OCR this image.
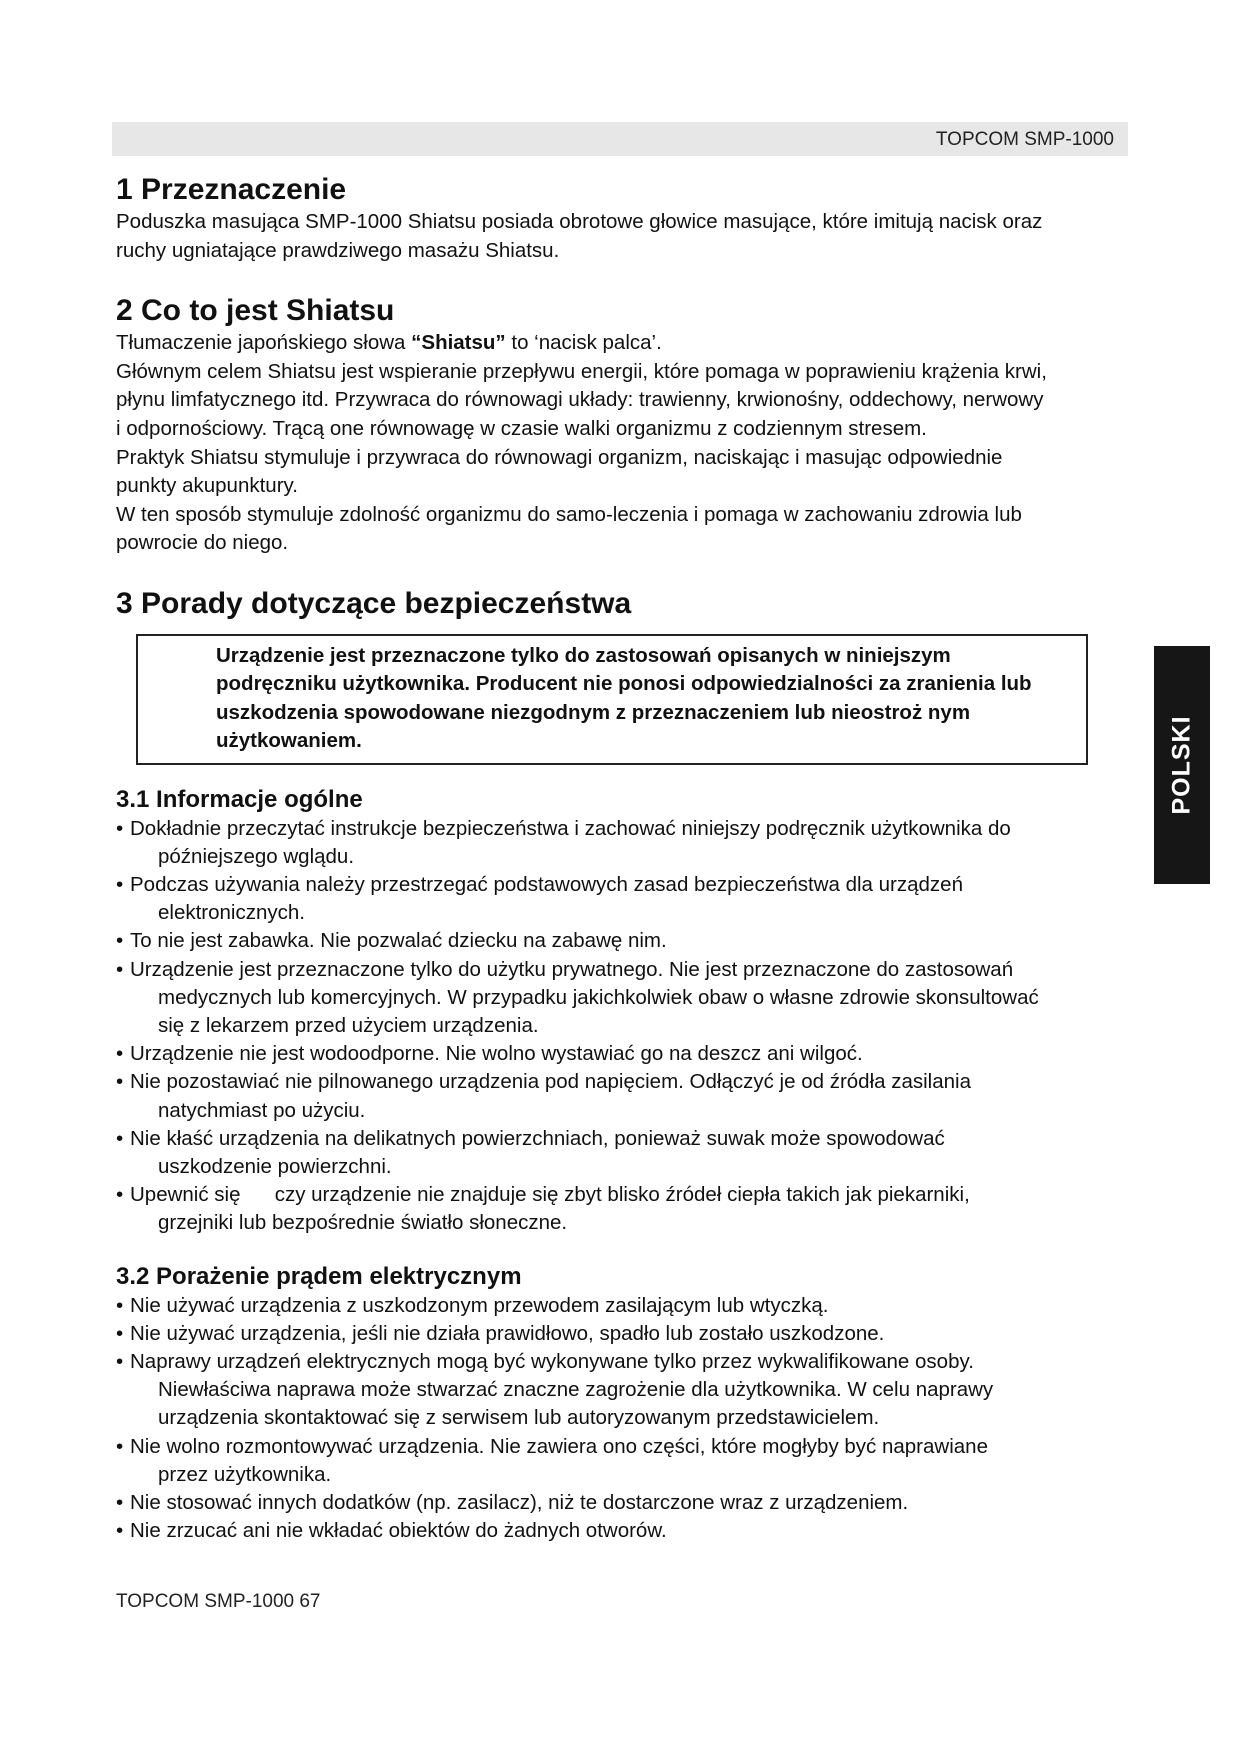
TOPCOM SMP-1000
1 Przeznaczenie

Poduszka masująca SMP-1000 Shiatsu posiada obrotowe głowice masujące, które imitują nacisk oraz

ruchy ugniatające prawdziwego masażu Shiatsu.

2 Co to jest Shiatsu

Tłumaczenie japońskiego słowa “Shiatsu” to ‘nacisk palca’.

Głównym celem Shiatsu jest wspieranie przepływu energii, które pomaga w poprawieniu krążenia krwi,

płynu limfatycznego itd. Przywraca do równowagi układy: trawienny, krwionośny, oddechowy, nerwowy

i odpornościowy. Trącą one równowagę w czasie walki organizmu z codziennym stresem.

Praktyk Shiatsu stymuluje i przywraca do równowagi organizm, naciskając i masując odpowiednie

punkty akupunktury.

W ten sposób stymuluje zdolność organizmu do samo-leczenia i pomaga w zachowaniu zdrowia lub

powrocie do niego.

3 Porady dotyczące bezpieczeństwa

Urządzenie jest przeznaczone tylko do zastosowań opisanych w niniejszym

podręczniku użytkownika. Producent nie ponosi odpowiedzialności za zranienia lub

uszkodzenia spowodowane niezgodnym z przeznaczeniem lub nieostroż nym

użytkowaniem.

3.1 Informacje ogólne
• Dokładnie przeczytać instrukcje bezpieczeństwa i zachować niniejszy podręcznik użytkownika do
późniejszego wglądu.
• Podczas używania należy przestrzegać podstawowych zasad bezpieczeństwa dla urządzeń
elektronicznych.
• To nie jest zabawka. Nie pozwalać dziecku na zabawę nim.
• Urządzenie jest przeznaczone tylko do użytku prywatnego. Nie jest przeznaczone do zastosowań
medycznych lub komercyjnych. W przypadku jakichkolwiek obaw o własne zdrowie skonsultować
się z lekarzem przed użyciem urządzenia.
• Urządzenie nie jest wodoodporne. Nie wolno wystawiać go na deszcz ani wilgoć.
• Nie pozostawiać nie pilnowanego urządzenia pod napięciem. Odłączyć je od źródła zasilania
natychmiast po użyciu.
• Nie kłaść urządzenia na delikatnych powierzchniach, ponieważ suwak może spowodować
uszkodzenie powierzchni.
• Upewnić się      czy urządzenie nie znajduje się zbyt blisko źródeł ciepła takich jak piekarniki,
grzejniki lub bezpośrednie światło słoneczne.
3.2 Porażenie prądem elektrycznym
• Nie używać urządzenia z uszkodzonym przewodem zasilającym lub wtyczką.
• Nie używać urządzenia, jeśli nie działa prawidłowo, spadło lub zostało uszkodzone.
• Naprawy urządzeń elektrycznych mogą być wykonywane tylko przez wykwalifikowane osoby.
Niewłaściwa naprawa może stwarzać znaczne zagrożenie dla użytkownika. W celu naprawy
urządzenia skontaktować się z serwisem lub autoryzowanym przedstawicielem.
• Nie wolno rozmontowywać urządzenia. Nie zawiera ono części, które mogłyby być naprawiane
przez użytkownika.
• Nie stosować innych dodatków (np. zasilacz), niż te dostarczone wraz z urządzeniem.
• Nie zrzucać ani nie wkładać obiektów do żadnych otworów.
POLSKI
TOPCOM SMP-1000 67
